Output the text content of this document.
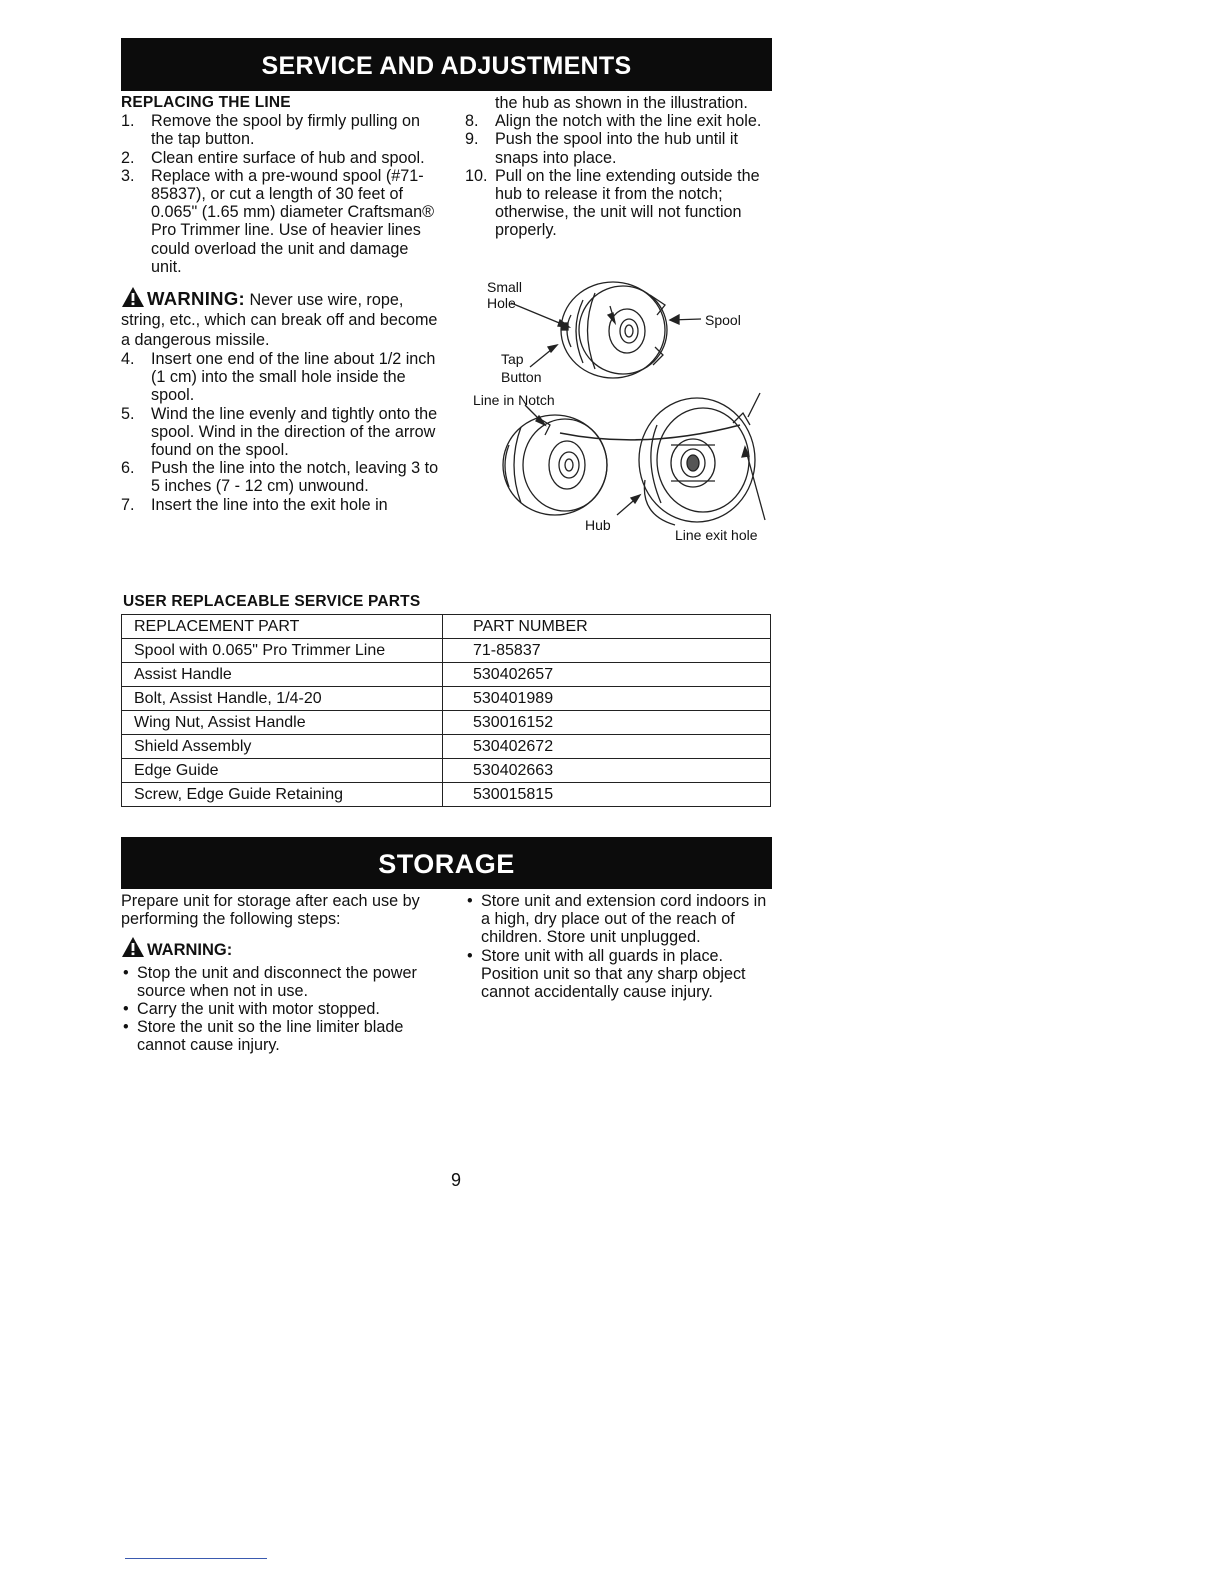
SERVICE AND ADJUSTMENTS
REPLACING THE LINE
1. Remove the spool by firmly pulling on the tap button.
2. Clean entire surface of hub and spool.
3. Replace with a pre-wound spool (#71-85837), or cut a length of 30 feet of 0.065" (1.65 mm) diameter Craftsman® Pro Trimmer line. Use of heavier lines could overload the unit and damage unit.
WARNING: Never use wire, rope, string, etc., which can break off and become a dangerous missile.
4. Insert one end of the line about 1/2 inch (1 cm) into the small hole inside the spool.
5. Wind the line evenly and tightly onto the spool. Wind in the direction of the arrow found on the spool.
6. Push the line into the notch, leaving 3 to 5 inches (7 - 12 cm) unwound.
7. Insert the line into the exit hole in
the hub as shown in the illustration.
8. Align the notch with the line exit hole.
9. Push the spool into the hub until it snaps into place.
10. Pull on the line extending outside the hub to release it from the notch; otherwise, the unit will not function properly.
Small
Hole
Spool
Tap
Button
Line in Notch
Hub
Line exit hole
USER REPLACEABLE SERVICE PARTS
REPLACEMENT PART	PART NUMBER
Spool with 0.065" Pro Trimmer Line	71-85837
Assist Handle	530402657
Bolt, Assist Handle, 1/4-20	530401989
Wing Nut, Assist Handle	530016152
Shield Assembly	530402672
Edge Guide	530402663
Screw, Edge Guide Retaining	530015815
STORAGE
Prepare unit for storage after each use by performing the following steps:
WARNING:
• Stop the unit and disconnect the power source when not in use.
• Carry the unit with motor stopped.
• Store the unit so the line limiter blade cannot cause injury.
• Store unit and extension cord indoors in a high, dry place out of the reach of children. Store unit unplugged.
• Store unit with all guards in place. Position unit so that any sharp object cannot accidentally cause injury.
9
